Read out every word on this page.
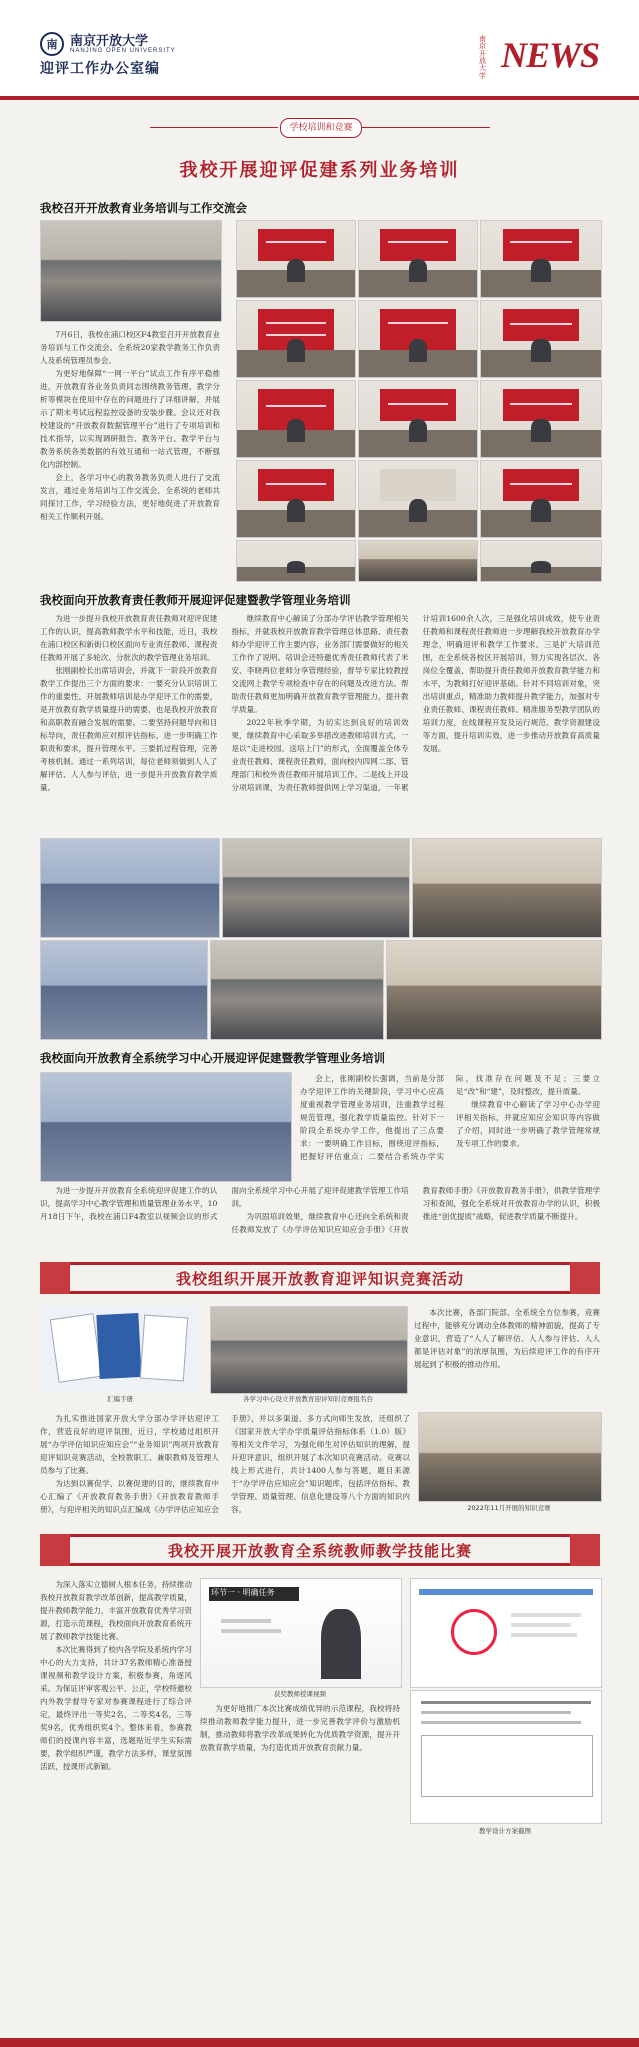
南 南京开放大学
NANJING OPEN UNIVERSITY
迎评工作办公室编
南京开放大学
NEWS
学校培训和竞赛
我校开展迎评促建系列业务培训
我校召开开放教育业务培训与工作交流会

7月6日，我校在浦口校区F4教室召开开放教育业务培训与工作交流会。全系统20家教学教务工作负责人及系统管理员参会。

为更好地保障“一网一平台”试点工作有序平稳推进，开放教育各业务负责同志围绕教务管理、教学分析等模块在使用中存在的问题进行了详细讲解，并展示了期末考试远程监控设备的安装步骤。会议还对我校建设的“开放教育数据管理平台”进行了专项培训和技术指导，以实现调研报告、教务平台、教学平台与教务系统各类数据的有效互通和一站式管理，不断强化内部控制。

会上，各学习中心的教务教务负责人进行了交流发言，通过业务培训与工作交流会，全系统的老师共同探讨工作，学习经验方法，更好地促进了开放教育相关工作顺利开展。

我校面向开放教育责任教师开展迎评促建暨教学管理业务培训

为进一步提升我校开放教育责任教师对迎评促建工作的认识，提高教师教学水平和技能，近日，我校在浦口校区和新街口校区面向专业责任教师、课程责任教师开展了多轮次、分批次的教学管理业务培训。

张刚副校长出席培训会，并就下一阶段开放教育教学工作提出三个方面的要求：一要充分认识培训工作的重要性，开展教师培训是办学迎评工作的需要，是开放教育教学质量提升的需要，也是我校开放教育和高职教育融合发展的需要。二要坚持问题导向和目标导向，责任教师应对照评估指标，进一步明确工作职责和要求，提升管理水平。三要抓过程管理，完善考核机制。通过一系列培训，每位老师须做到人人了解评估、人人参与评估，进一步提升开放教育教学质量。

继续教育中心解读了分部办学评估教学管理相关指标，并就我校开放教育教学管理总体思路、责任教师办学迎评工作主要内容，业务部门需要做好的相关工作作了说明。培训会还特邀优秀责任教师代表了米安、李晓两位老师分享管理经验，督导专家比较教授交流网上教学专项检查中存在的问题及改进方法。帮助责任教师更加明确开放教育教学管理能力，提升教学质量。

2022年秋季学期，为切实达到良好的培训效果，继续教育中心采取多举措改进教师培训方式，一是以“走进校园、送培上门”的形式，全面覆盖全体专业责任教师、课程责任教师，面向校内四网二部、管理部门和校外责任教师开展培训工作。二是线上开设分项培训课，为责任教师提供网上学习渠道，一年累计培训1600余人次，三是强化培训成效，使专业责任教师和课程责任教师进一步理解我校开放教育办学理念，明确迎评和教学工作要求。三是扩大培训范围，在全系统各校区开展培训，努力实现各层次、各岗位全覆盖，帮助提升责任教师开放教育教学能力和水平，为教师打好迎评基础。针对不同培训对象，突出培训重点，精准助力教师提升教学能力，加强对专业责任教师、课程责任教师、精准服务型教学团队的培训力度，在线课程开发及运行规范、教学资源建设等方面，提升培训实效，进一步推动开放教育高质量发展。

我校面向开放教育全系统学习中心开展迎评促建暨教学管理业务培训

会上，张刚副校长强调，当前是分部办学迎评工作的关键阶段，学习中心应高度重视教学管理业务培训，注重教学过程规范管理，强化教学质量监控。针对下一阶段全系统办学工作，他提出了三点要求：一要明确工作目标，围绕迎评指标，把握好评估重点；二要结合系统办学实际，找准存在问题及不足；三要立足“改”和“建”，及时整改，提升质量。

继续教育中心解读了学习中心办学迎评相关指标，并就应知应会知识等内容做了介绍，同时进一步明确了教学管理常规及专项工作的要求。

为进一步提升开放教育全系统迎评促建工作的认识，提高学习中心教学管理和质量管理业务水平，10月18日下午，我校在浦口F4教室以视频会议的形式面向全系统学习中心开展了迎评促建教学管理工作培训。

为巩固培训效果，继续教育中心还向全系统和责任教师发放了《办学评估知识应知应会手册》《开放教育教师手册》《开放教育教务手册》，供教学管理学习和查阅，强化全系统对开放教育办学的认识，积极推进“创优提质”战略，促进教学质量不断提升。

我校组织开展开放教育迎评知识竞赛活动
汇编手册	各学习中心设立开放教育迎评知识竞赛报名台

本次比赛，各部门院部、全系统全方位参赛，竞赛过程中，能够充分调动全体教师的精神面貌，提高了专业意识，营造了“人人了解评估、人人参与评估、人人都是评估对象”的浓厚氛围，为后续迎评工作的有序开展起到了积极的推动作用。

为扎实推进国家开放大学分部办学评估迎评工作，营造良好的迎评氛围，近日，学校通过组织开展“办学评估知识应知应会”“业务知识”两项开放教育迎评知识竞赛活动，全校教职工、兼职教师及管理人员参与了比赛。

为达到以赛促学、以赛促建的目的，继续教育中心汇编了《开放教育教务手册》《开放教育教师手册》，与迎评相关的知识点汇编成《办学评估应知应会手册》，并以多渠道、多方式向师生发放，还组织了《国家开放大学办学质量评估指标体系（1.0）版》等相关文件学习，为强化师生对评估知识的理解，提升迎评意识，组织开展了本次知识竞赛活动。竞赛以线上形式进行，共计1400人参与答题，题目来源于“办学评估应知应会”知识题库，包括评估指标、教学管理、质量管理、信息化建设等八个方面的知识内容。	2022年11月开展的知识竞赛
我校开展开放教育全系统教师教学技能比赛

为深入落实立德树人根本任务，持续推动我校开放教育教学改革创新，提高教学质量，提升教师教学能力，丰富开放教育优秀学习资源，打造示范课程，我校面向开放教育系统开展了教师教学技能比赛。

本次比赛得到了校内各学院及系统内学习中心的大力支持，共计37名教师精心准备授课视频和教学设计方案，积极参赛，角逐风采。为保证评审客观公平、公正，学校特邀校内外教学督导专家对参赛课程进行了综合评定，最终评出一等奖2名，二等奖4名，三等奖9名，优秀组织奖4个。整体来看，参赛教师们的授课内容丰富，选题贴近学生实际需要，教学组织严谨，教学方法多样，课堂氛围活跃，授课形式新颖。

环节一 · 明确任务
获奖教师授课视频

为更好地推广本次比赛成绩优异的示范课程，我校将持续推动教师教学能力提升，进一步完善教学评价与激励机制，推动教师将教学改革成果转化为优质教学资源，提升开放教育教学质量，为打造优质开放教育贡献力量。

教学设计方案截图
